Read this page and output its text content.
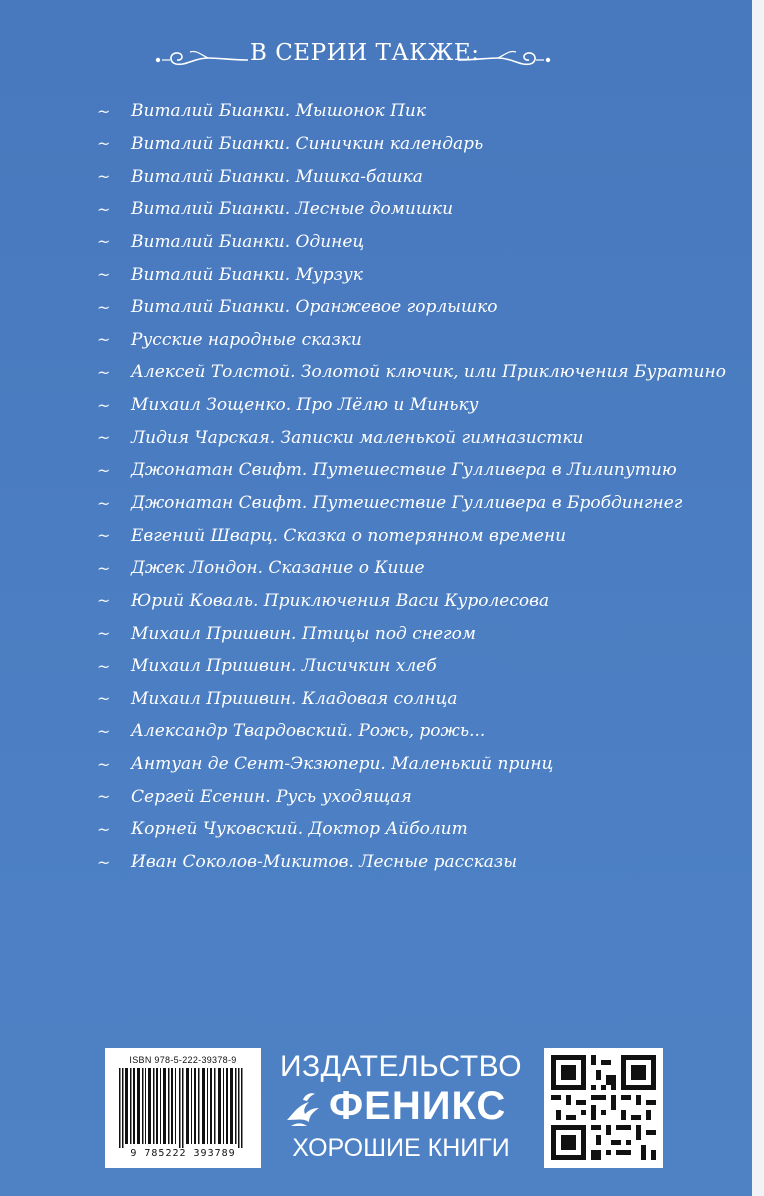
В СЕРИИ ТАКЖЕ:
~	Виталий Бианки. Мышонок Пик
~	Виталий Бианки. Синичкин календарь
~	Виталий Бианки. Мишка-башка
~	Виталий Бианки. Лесные домишки
~	Виталий Бианки. Одинец
~	Виталий Бианки. Мурзук
~	Виталий Бианки. Оранжевое горлышко
~	Русские народные сказки
~	Алексей Толстой. Золотой ключик, или Приключения Буратино
~	Михаил Зощенко. Про Лёлю и Миньку
~	Лидия Чарская. Записки маленькой гимназистки
~	Джонатан Свифт. Путешествие Гулливера в Лилипутию
~	Джонатан Свифт. Путешествие Гулливера в Бробдингнег
~	Евгений Шварц. Сказка о потерянном времени
~	Джек Лондон. Сказание о Кише
~	Юрий Коваль. Приключения Васи Куролесова
~	Михаил Пришвин. Птицы под снегом
~	Михаил Пришвин. Лисичкин хлеб
~	Михаил Пришвин. Кладовая солнца
~	Александр Твардовский. Рожь, рожь...
~	Антуан де Сент-Экзюпери. Маленький принц
~	Сергей Есенин. Русь уходящая
~	Корней Чуковский. Доктор Айболит
~	Иван Соколов-Микитов. Лесные рассказы
ISBN 978-5-222-39378-9
9 785222 393789
ИЗДАТЕЛЬСТВО
ФЕНИКС
ХОРОШИЕ КНИГИ
